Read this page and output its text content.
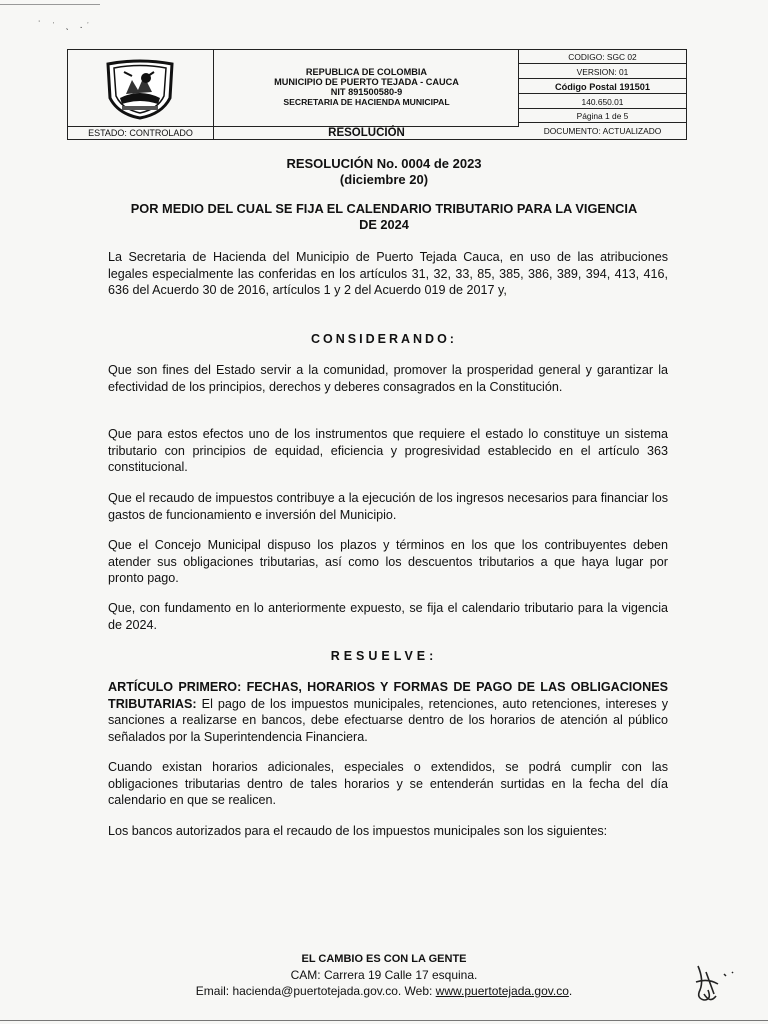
˙ ˑ ˎ .ˑ
REPUBLICA DE COLOMBIA
MUNICIPIO DE PUERTO TEJADA - CAUCA
NIT 891500580-9
SECRETARIA DE HACIENDA MUNICIPAL
CODIGO: SGC 02
VERSION: 01
Código Postal 191501
140.650.01
Página 1 de 5
DOCUMENTO: ACTUALIZADO
ESTADO: CONTROLADO	RESOLUCIÓN
RESOLUCIÓN No. 0004 de 2023
(diciembre 20)
POR MEDIO DEL CUAL SE FIJA EL CALENDARIO TRIBUTARIO PARA LA VIGENCIA
DE 2024
La Secretaria de Hacienda del Municipio de Puerto Tejada Cauca, en uso de las atribuciones legales especialmente las conferidas en los artículos 31, 32, 33, 85, 385, 386, 389, 394, 413, 416, 636 del Acuerdo 30 de 2016, artículos 1 y 2 del Acuerdo 019 de 2017 y,
CONSIDERANDO:
Que son fines del Estado servir a la comunidad, promover la prosperidad general y garantizar la efectividad de los principios, derechos y deberes consagrados en la Constitución.
Que para estos efectos uno de los instrumentos que requiere el estado lo constituye un sistema tributario con principios de equidad, eficiencia y progresividad establecido en el artículo 363 constitucional.
Que el recaudo de impuestos contribuye a la ejecución de los ingresos necesarios para financiar los gastos de funcionamiento e inversión del Municipio.
Que el Concejo Municipal dispuso los plazos y términos en los que los contribuyentes deben atender sus obligaciones tributarias, así como los descuentos tributarios a que haya lugar por pronto pago.
Que, con fundamento en lo anteriormente expuesto, se fija el calendario tributario para la vigencia de 2024.
RESUELVE:
ARTÍCULO PRIMERO: FECHAS, HORARIOS Y FORMAS DE PAGO DE LAS OBLIGACIONES TRIBUTARIAS: El pago de los impuestos municipales, retenciones, auto retenciones, intereses y sanciones a realizarse en bancos, debe efectuarse dentro de los horarios de atención al público señalados por la Superintendencia Financiera.
Cuando existan horarios adicionales, especiales o extendidos, se podrá cumplir con las obligaciones tributarias dentro de tales horarios y se entenderán surtidas en la fecha del día calendario en que se realicen.
Los bancos autorizados para el recaudo de los impuestos municipales son los siguientes:
EL CAMBIO ES CON LA GENTE
CAM: Carrera 19 Calle 17 esquina.
Email: hacienda@puertotejada.gov.co. Web: www.puertotejada.gov.co.
